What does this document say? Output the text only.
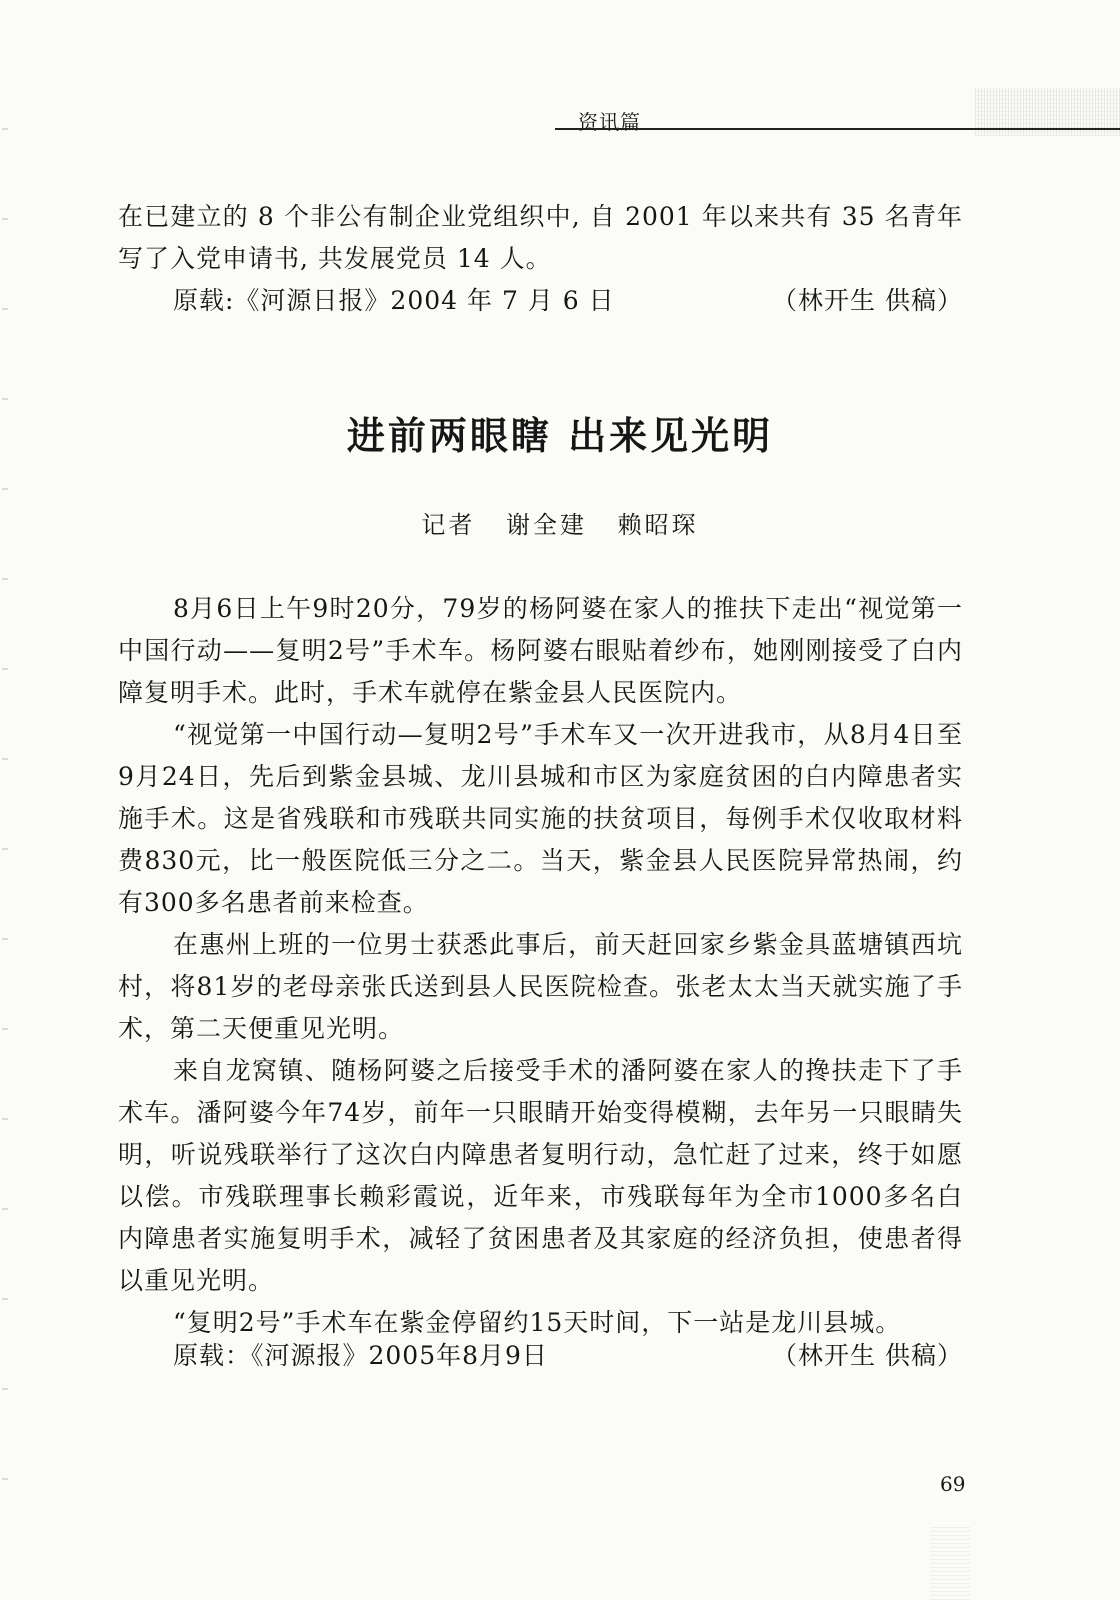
资讯篇

在已建立的 8 个非公有制企业党组织中, 自 2001 年以来共有 35 名青年写了入党申请书, 共发展党员 14 人。

原载:《河源日报》2004 年 7 月 6 日	（林开生 供稿）
进前两眼瞎 出来见光明
记者 谢全建 赖昭琛

8月6日上午9时20分，79岁的杨阿婆在家人的推扶下走出“视觉第一中国行动——复明2号”手术车。杨阿婆右眼贴着纱布，她刚刚接受了白内障复明手术。此时，手术车就停在紫金县人民医院内。

“视觉第一中国行动—复明2号”手术车又一次开进我市，从8月4日至9月24日，先后到紫金县城、龙川县城和市区为家庭贫困的白内障患者实施手术。这是省残联和市残联共同实施的扶贫项目，每例手术仅收取材料费830元，比一般医院低三分之二。当天，紫金县人民医院异常热闹，约有300多名患者前来检查。

在惠州上班的一位男士获悉此事后，前天赶回家乡紫金具蓝塘镇西坑村，将81岁的老母亲张氏送到县人民医院检查。张老太太当天就实施了手术，第二天便重见光明。

来自龙窝镇、随杨阿婆之后接受手术的潘阿婆在家人的搀扶走下了手术车。潘阿婆今年74岁，前年一只眼睛开始变得模糊，去年另一只眼睛失明，听说残联举行了这次白内障患者复明行动，急忙赶了过来，终于如愿以偿。市残联理事长赖彩霞说，近年来，市残联每年为全市1000多名白内障患者实施复明手术，减轻了贫困患者及其家庭的经济负担，使患者得以重见光明。

“复明2号”手术车在紫金停留约15天时间，下一站是龙川县城。

原载：《河源报》2005年8月9日	（林开生 供稿）
69
